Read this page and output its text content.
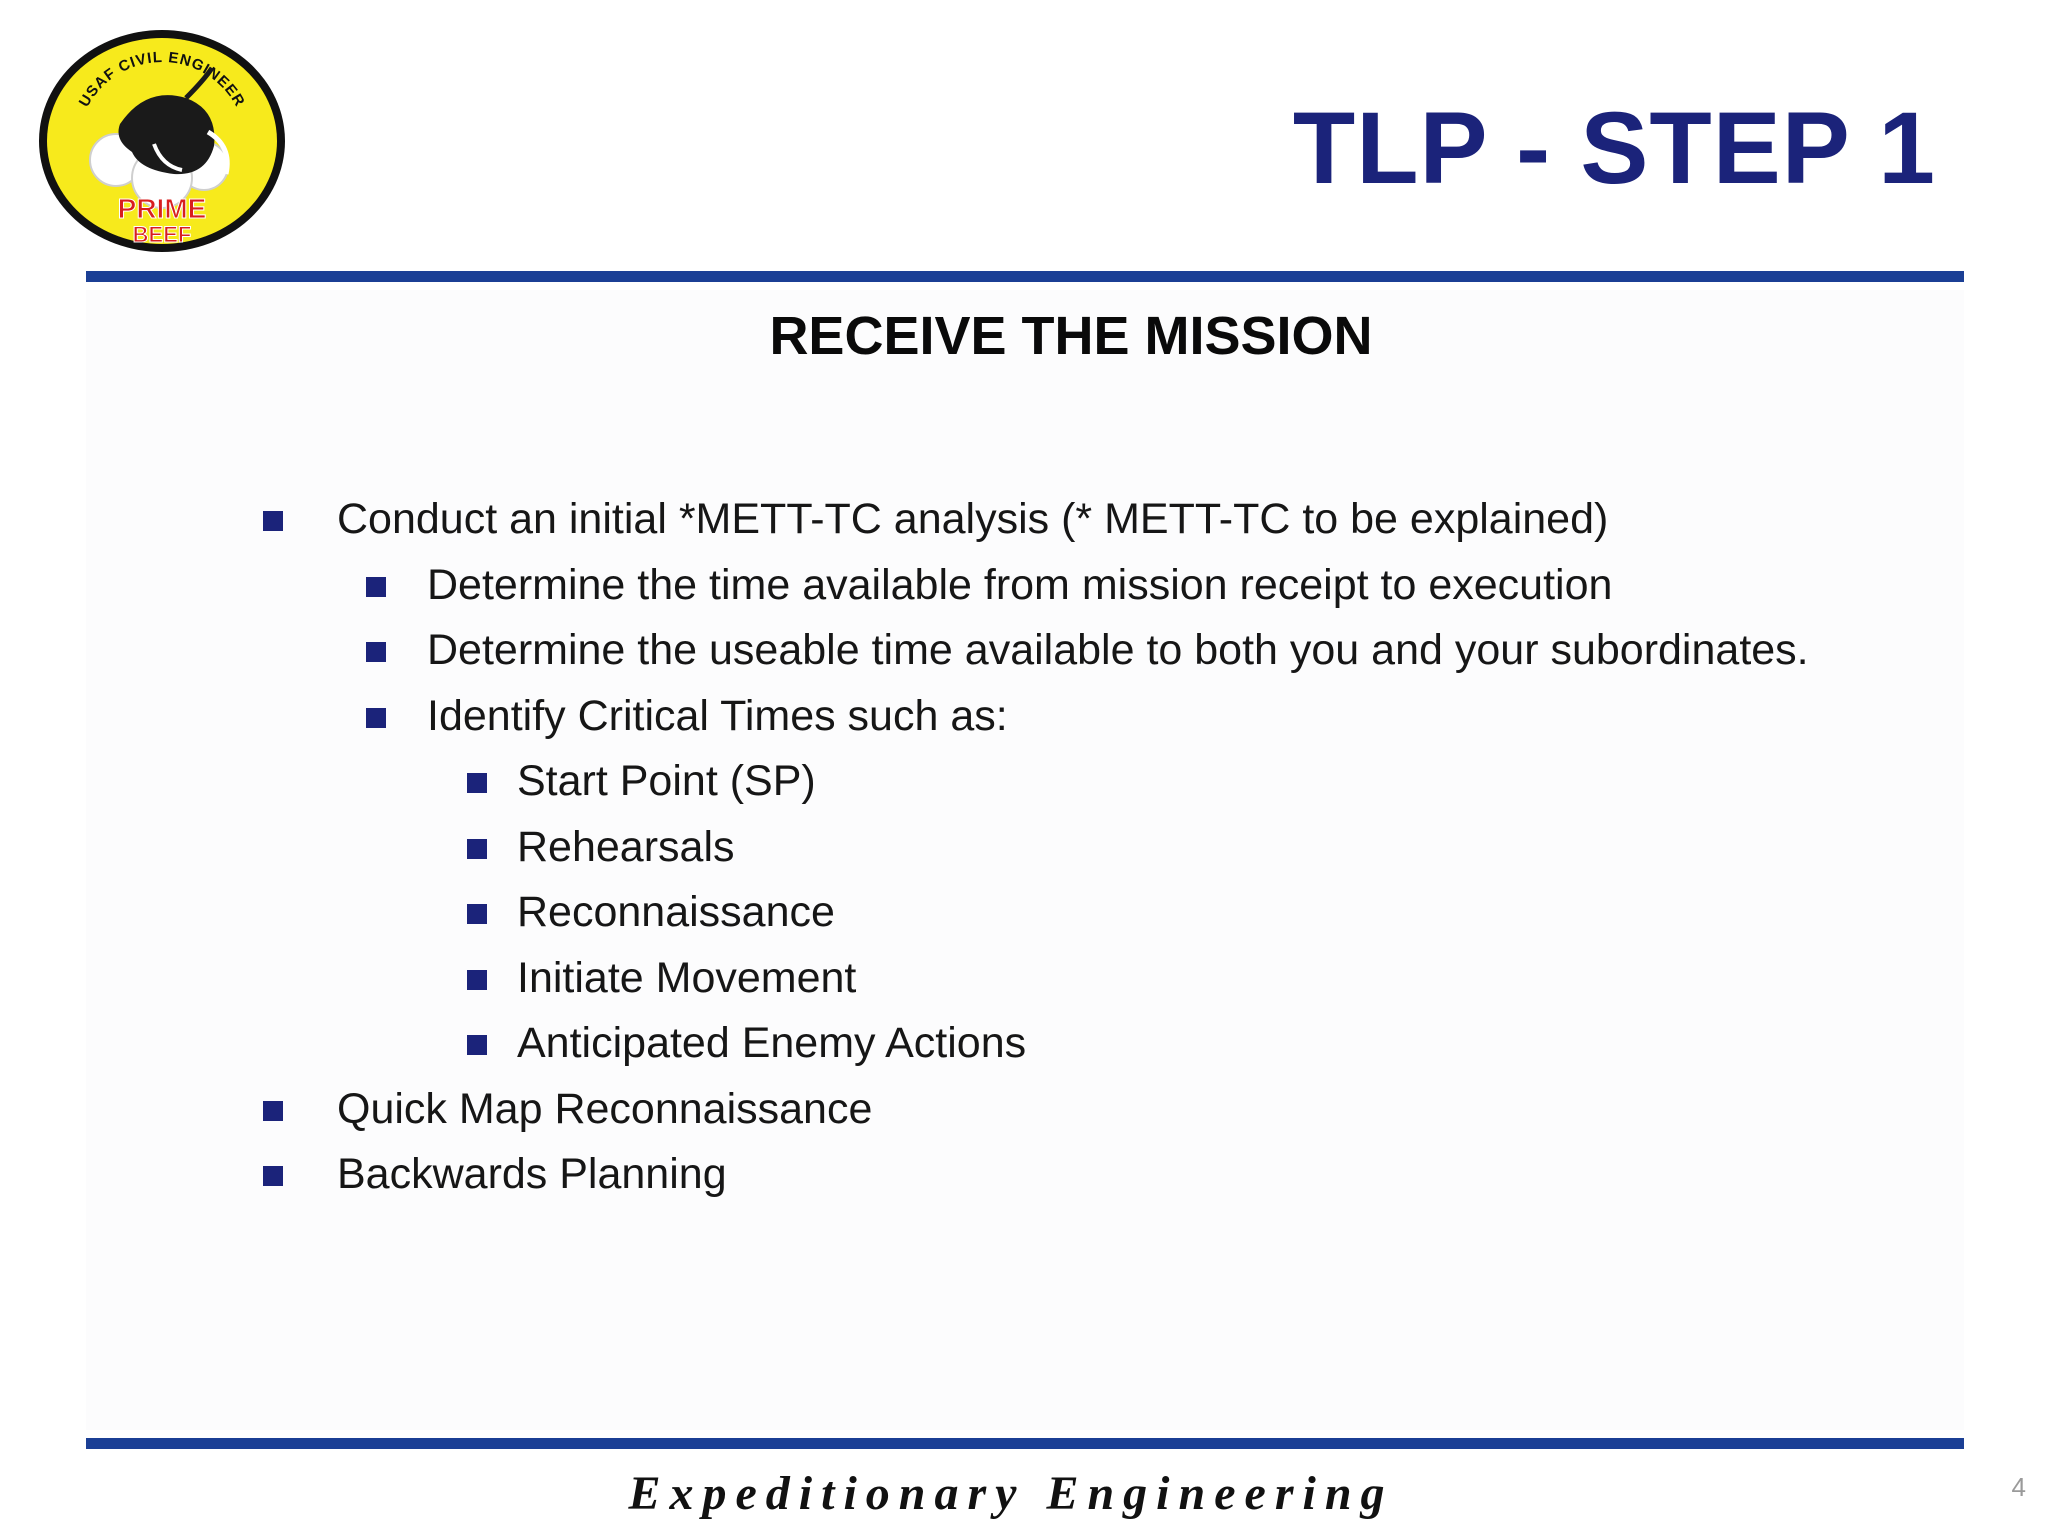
USAF CIVIL ENGINEER
PRIME
BEEF
TLP - STEP 1
RECEIVE THE MISSION
Conduct an initial *METT-TC analysis (* METT-TC to be explained)
Determine the time available from mission receipt to execution
Determine the useable time available to both you and your subordinates.
Identify Critical Times such as:
Start Point (SP)
Rehearsals
Reconnaissance
Initiate Movement
Anticipated Enemy Actions
Quick Map Reconnaissance
Backwards Planning
Expeditionary Engineering	4
